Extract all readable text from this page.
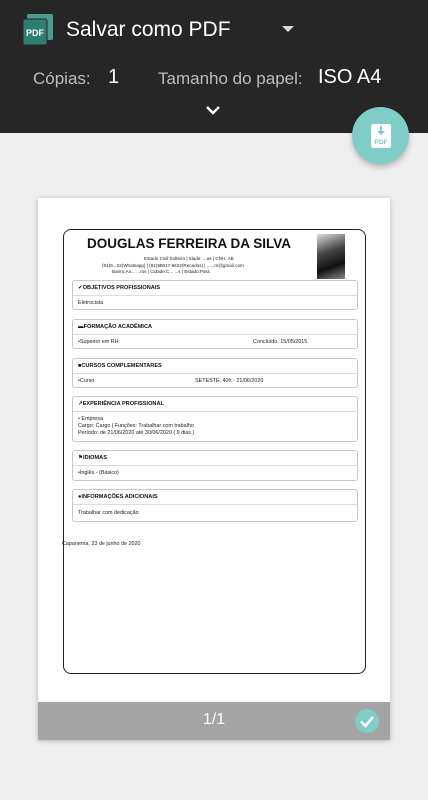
PDF Salvar como PDF
Cópias: 1 Tamanho do papel: ISO A4
PDF
DOUGLAS FERREIRA DA SILVA
Estado Civil:Solteiro | Idade: ...os | CNH: AB
(91)9...22(Whatsapp) | (91)98817-9622(Recados) | ......m@gmail.com
Bairro:An... ...ros | Cidade:C... ...s | Estado:Pará
✔OBJETIVOS PROFISSIONAIS
Eletrocista
▬FORMAÇÃO ACADÊMICA
•Superior em RH	Concluído, 15/05/2015
■CURSOS COMPLEMENTARES
•Curso	SETESTE, 40h - 21/06/2020
↗EXPERIÊNCIA PROFISSIONAL
• Empresa
Cargo: Cargo | Funções: Trabalhar com trabalho
Período: de 21/06/2020 até 30/06/2020 ( 9 dias )
⚑IDIOMAS
•Inglês - (Básico)
●INFORMAÇÕES ADICIONAIS
Trabalhar com dedicação
Capanema, 23 de junho de 2020
1/1
